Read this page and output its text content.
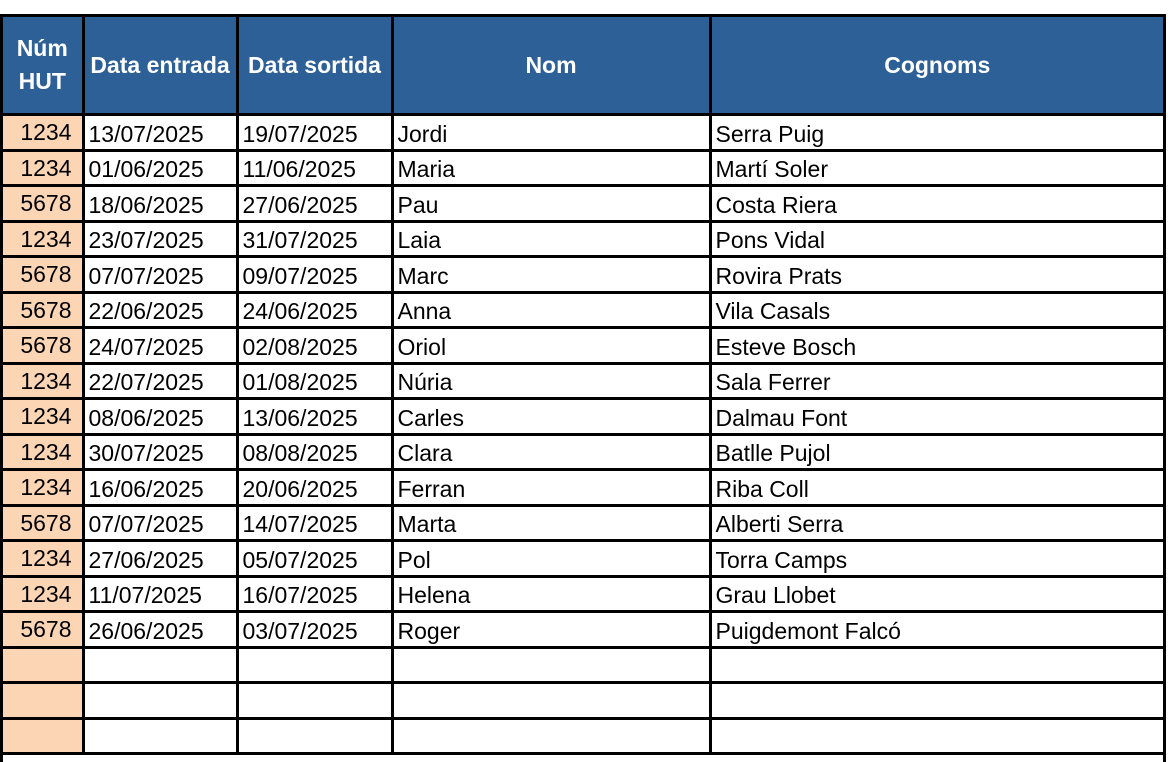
Núm HUT	Data entrada	Data sortida	Nom	Cognoms
1234	13/07/2025	19/07/2025	Jordi	Serra Puig
1234	01/06/2025	11/06/2025	Maria	Martí Soler
5678	18/06/2025	27/06/2025	Pau	Costa Riera
1234	23/07/2025	31/07/2025	Laia	Pons Vidal
5678	07/07/2025	09/07/2025	Marc	Rovira Prats
5678	22/06/2025	24/06/2025	Anna	Vila Casals
5678	24/07/2025	02/08/2025	Oriol	Esteve Bosch
1234	22/07/2025	01/08/2025	Núria	Sala Ferrer
1234	08/06/2025	13/06/2025	Carles	Dalmau Font
1234	30/07/2025	08/08/2025	Clara	Batlle Pujol
1234	16/06/2025	20/06/2025	Ferran	Riba Coll
5678	07/07/2025	14/07/2025	Marta	Alberti Serra
1234	27/06/2025	05/07/2025	Pol	Torra Camps
1234	11/07/2025	16/07/2025	Helena	Grau Llobet
5678	26/06/2025	03/07/2025	Roger	Puigdemont Falcó
